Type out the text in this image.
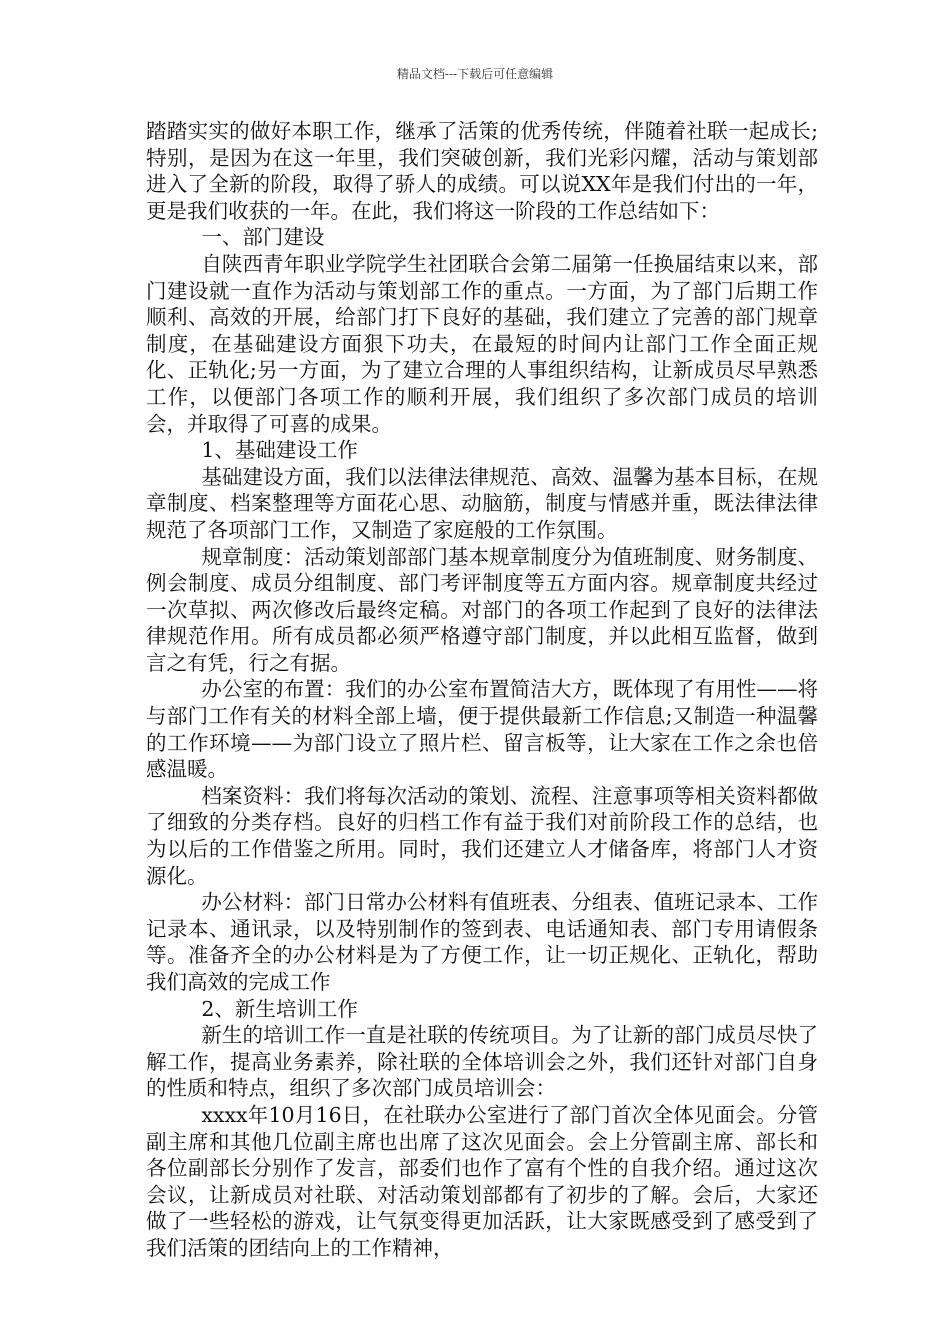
精品文档---下载后可任意编辑

踏踏实实的做好本职工作，继承了活策的优秀传统，伴随着社联一起成长;特别，是因为在这一年里，我们突破创新，我们光彩闪耀，活动与策划部进入了全新的阶段，取得了骄人的成绩。可以说XX年是我们付出的一年，更是我们收获的一年。在此，我们将这一阶段的工作总结如下：

一、部门建设

自陕西青年职业学院学生社团联合会第二届第一任换届结束以来，部门建设就一直作为活动与策划部工作的重点。一方面，为了部门后期工作顺利、高效的开展，给部门打下良好的基础，我们建立了完善的部门规章制度，在基础建设方面狠下功夫，在最短的时间内让部门工作全面正规化、正轨化;另一方面，为了建立合理的人事组织结构，让新成员尽早熟悉工作，以便部门各项工作的顺利开展，我们组织了多次部门成员的培训会，并取得了可喜的成果。

1、基础建设工作

基础建设方面，我们以法律法律规范、高效、温馨为基本目标，在规章制度、档案整理等方面花心思、动脑筋，制度与情感并重，既法律法律规范了各项部门工作，又制造了家庭般的工作氛围。

规章制度：活动策划部部门基本规章制度分为值班制度、财务制度、例会制度、成员分组制度、部门考评制度等五方面内容。规章制度共经过一次草拟、两次修改后最终定稿。对部门的各项工作起到了良好的法律法律规范作用。所有成员都必须严格遵守部门制度，并以此相互监督，做到言之有凭，行之有据。

办公室的布置：我们的办公室布置简洁大方，既体现了有用性——将与部门工作有关的材料全部上墙，便于提供最新工作信息;又制造一种温馨的工作环境——为部门设立了照片栏、留言板等，让大家在工作之余也倍感温暖。

档案资料：我们将每次活动的策划、流程、注意事项等相关资料都做了细致的分类存档。良好的归档工作有益于我们对前阶段工作的总结，也为以后的工作借鉴之所用。同时，我们还建立人才储备库，将部门人才资源化。

办公材料：部门日常办公材料有值班表、分组表、值班记录本、工作记录本、通讯录，以及特别制作的签到表、电话通知表、部门专用请假条等。准备齐全的办公材料是为了方便工作，让一切正规化、正轨化，帮助我们高效的完成工作

2、新生培训工作

新生的培训工作一直是社联的传统项目。为了让新的部门成员尽快了解工作，提高业务素养，除社联的全体培训会之外，我们还针对部门自身的性质和特点，组织了多次部门成员培训会：

xxxx年10月16日，在社联办公室进行了部门首次全体见面会。分管副主席和其他几位副主席也出席了这次见面会。会上分管副主席、部长和各位副部长分别作了发言，部委们也作了富有个性的自我介绍。通过这次会议，让新成员对社联、对活动策划部都有了初步的了解。会后，大家还做了一些轻松的游戏，让气氛变得更加活跃，让大家既感受到了感受到了我们活策的团结向上的工作精神，
